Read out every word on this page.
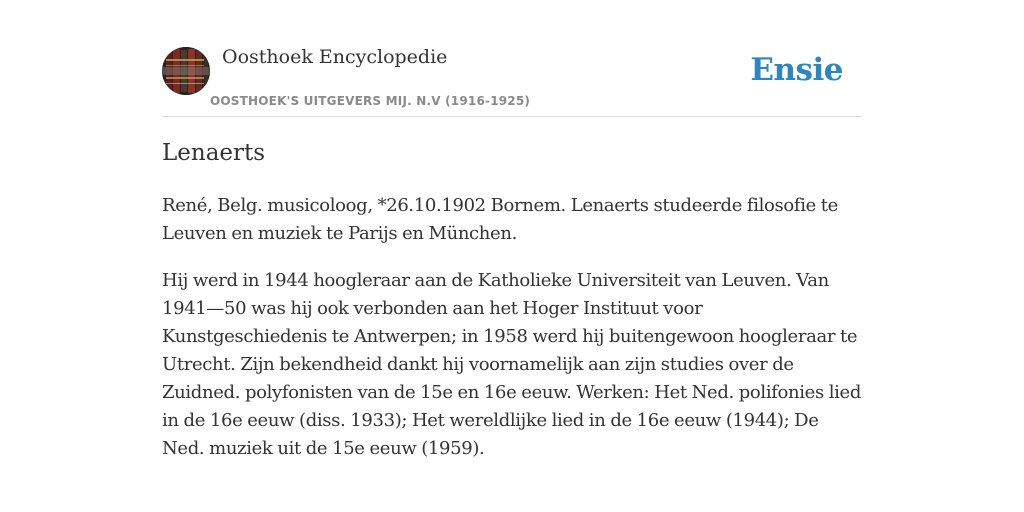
Oosthoek Encyclopedie
OOSTHOEK'S UITGEVERS MIJ. N.V (1916-1925)
Ensie
Lenaerts

René, Belg. musicoloog, *26.10.1902 Bornem. Lenaerts studeerde filosofie te Leuven en muziek te Parijs en München.

Hij werd in 1944 hoogleraar aan de Katholieke Universiteit van Leuven. Van 1941—50 was hij ook verbonden aan het Hoger Instituut voor Kunstgeschiedenis te Antwerpen; in 1958 werd hij buitengewoon hoogleraar te Utrecht. Zijn bekendheid dankt hij voornamelijk aan zijn studies over de Zuidned. polyfonisten van de 15e en 16e eeuw. Werken: Het Ned. polifonies lied in de 16e eeuw (diss. 1933); Het wereldlijke lied in de 16e eeuw (1944); De Ned. muziek uit de 15e eeuw (1959).
